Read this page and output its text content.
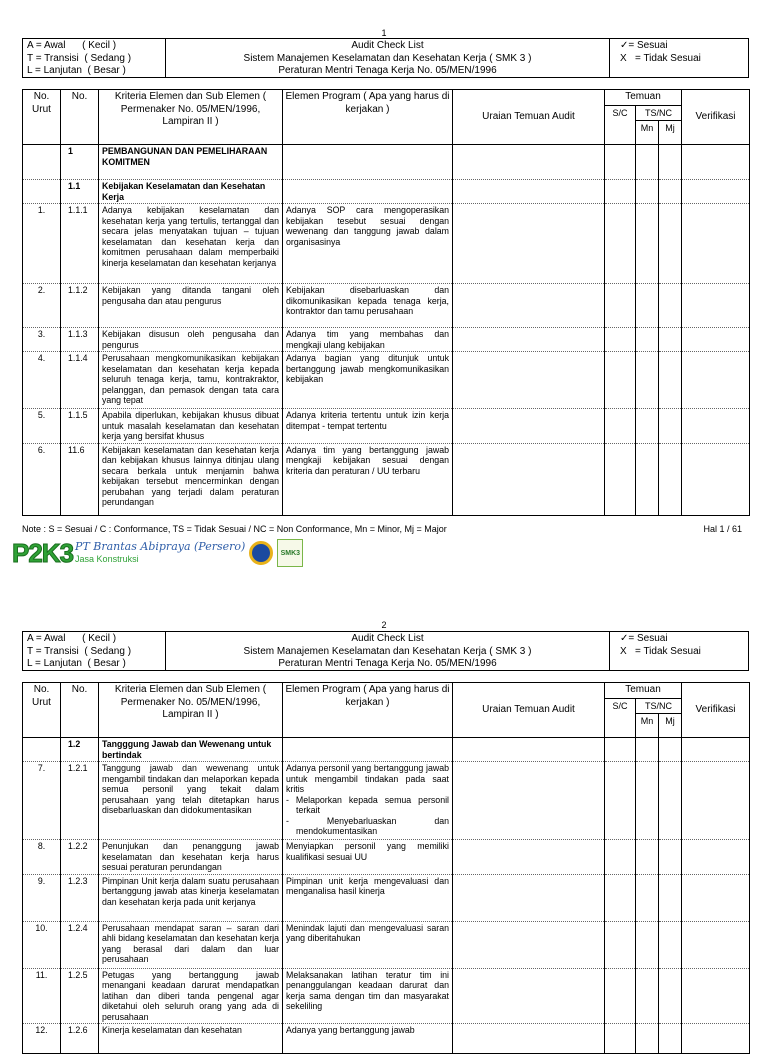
1
A = Awal      ( Kecil )
T = Transisi  ( Sedang )
L = Lanjutan  ( Besar )
Audit Check List
Sistem Manajemen Keselamatan dan Kesehatan Kerja ( SMK 3 )
Peraturan Mentri Tenaga Kerja No. 05/MEN/1996
✓= Sesuai
X   = Tidak Sesuai
No. Urut	No.	Kriteria Elemen dan Sub Elemen ( Permenaker No. 05/MEN/1996, Lampiran II )	Elemen Program ( Apa yang harus di kerjakan )	Uraian Temuan Audit	Temuan			Verifikasi
					S/C	TS/NC		
						Mn	Mj	
	1	PEMBANGUNAN DAN PEMELIHARAAN KOMITMEN	

	1.1	Kebijakan Keselamatan dan Kesehatan Kerja	

1.	1.1.1	Adanya kebijakan keselamatan dan kesehatan kerja yang tertulis, tertanggal dan secara jelas menyatakan tujuan – tujuan keselamatan dan kesehatan kerja dan komitmen perusahaan dalam memperbaiki kinerja keselamatan dan kesehatan kerjanya	Adanya SOP cara mengoperasikan kebijakan tesebut sesuai dengan wewenang dan tanggung jawab dalam organisasinya					

2.	1.1.2	Kebijakan yang ditanda tangani oleh pengusaha dan atau pengurus	Kebijakan disebarluaskan dan dikomunikasikan kepada tenaga kerja, kontraktor dan tamu perusahaan					

3.	1.1.3	Kebijakan disusun oleh pengusaha dan pengurus	Adanya tim yang membahas dan mengkaji ulang kebijakan					

4.	1.1.4	Perusahaan mengkomunikasikan kebijakan keselamatan dan kesehatan kerja kepada seluruh tenaga kerja, tamu, kontrakraktor, pelanggan, dan pemasok dengan tata cara yang tepat	Adanya bagian yang ditunjuk untuk bertanggung jawab mengkomunikasikan kebijakan					

5.	1.1.5	Apabila diperlukan, kebijakan khusus dibuat untuk masalah keselamatan dan kesehatan kerja yang bersifat khusus	Adanya kriteria tertentu untuk izin kerja ditempat - tempat tertentu					

6.	11.6	Kebijakan keselamatan dan kesehatan kerja dan kebijakan khusus lainnya ditinjau ulang secara berkala untuk menjamin bahwa kebijakan tersebut mencerminkan dengan perubahan yang terjadi dalam peraturan perundangan	Adanya tim yang bertanggung jawab mengkaji kebijakan sesuai dengan kriteria dan peraturan / UU terbaru					

Note : S = Sesuai / C : Conformance, TS = Tidak Sesuai / NC = Non Conformance, Mn = Minor, Mj = Major	Hal 1 / 61
P2K3 PT Brantas Abipraya (Persero)
Jasa Konstruksi
SMK3
2
A = Awal      ( Kecil )
T = Transisi  ( Sedang )
L = Lanjutan  ( Besar )
Audit Check List
Sistem Manajemen Keselamatan dan Kesehatan Kerja ( SMK 3 )
Peraturan Mentri Tenaga Kerja No. 05/MEN/1996
✓= Sesuai
X   = Tidak Sesuai
No. Urut	No.	Kriteria Elemen dan Sub Elemen ( Permenaker No. 05/MEN/1996, Lampiran II )	Elemen Program ( Apa yang harus di kerjakan )	Uraian Temuan Audit	Temuan			Verifikasi
					S/C	TS/NC		
						Mn	Mj	
	1.2	Tangggung Jawab dan Wewenang untuk bertindak	

7.	1.2.1	Tanggung jawab dan wewenang untuk mengambil tindakan dan melaporkan kepada semua personil yang tekait dalam perusahaan yang telah ditetapkan harus disebarluaskan dan didokumentasikan	Adanya personil yang bertanggung jawab untuk mengambil tindakan pada saat kritis
- Melaporkan kepada semua personil terkait
- Menyebarluaskan dan mendokumentasikan					

8.	1.2.2	Penunjukan dan penanggung jawab keselamatan dan kesehatan kerja harus sesuai peraturan perundangan	Menyiapkan personil yang memiliki kualifikasi sesuai UU					

9.	1.2.3	Pimpinan Unit kerja dalam suatu perusahaan bertanggung jawab atas kinerja keselamatan dan kesehatan kerja pada unit kerjanya	Pimpinan unit kerja mengevaluasi dan menganalisa hasil kinerja					

10.	1.2.4	Perusahaan mendapat saran – saran dari ahli bidang keselamatan dan kesehatan kerja yang berasal dari dalam dan luar perusahaan	Menindak lajuti dan mengevaluasi saran yang diberitahukan					

11.	1.2.5	Petugas yang bertanggung jawab menangani keadaan darurat mendapatkan latihan dan diberi tanda pengenal agar diketahui oleh seluruh orang yang ada di perusahaan	Melaksanakan latihan teratur tim ini penanggulangan keadaan darurat dan kerja sama dengan tim dan masyarakat sekeliling					

12.	1.2.6	Kinerja keselamatan dan kesehatan	Adanya yang bertanggung jawab					
